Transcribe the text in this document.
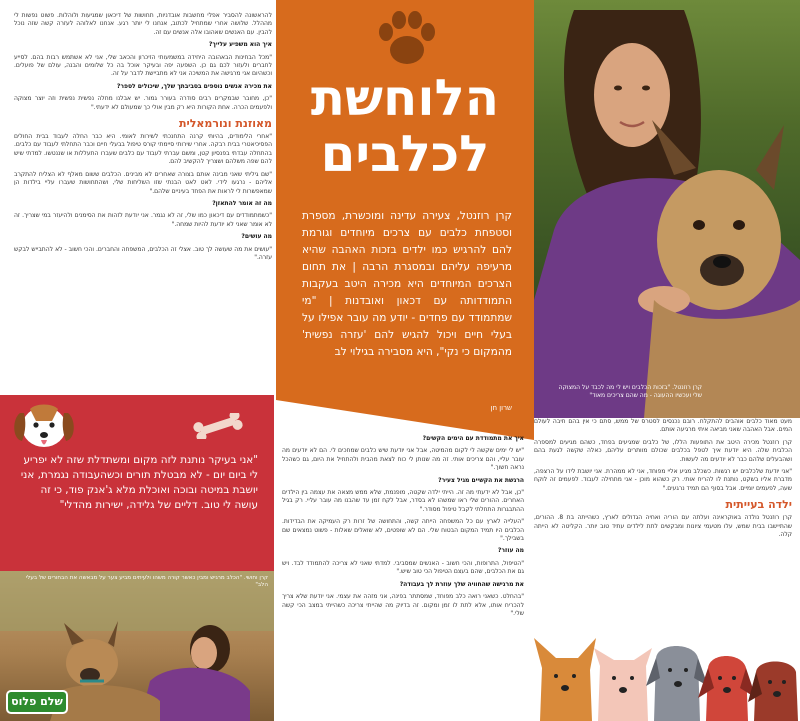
להראשונה להסביר אפלי מחשבות אובדניות, תחושות של דיכאון שמגיעות ולוהלות. פשוט נפשות לי מההלל. שלושה אחרי שמתחיל לכתוב, אנחנו לי יותר רגע. אנחנו לאלוהה לעזרה קשה שזה נוכל להבין. עם האנשים שאהובו אלה אנשים עם זה.

איך הוא משפיע עלייך?

"מכל הבחינות הבאהובה היחידה במשמעותי הזיכרון והכאב שלי, אני לא אשתמש רבות בהם. לסייע לחברים ולעזור לכם גם כן. השפעה יפה ובעיקר אוכל בה כל שלומים והבנה, עולם של פועלים. וכשהיום אני מרגישה את המשיכה אני לא מתביישת לדבר על זה.

את מכירה אנשים נוספים בסביבתך שלך, שיכולים לספר?

"כן, מחובר שבמקרים רבים סודרה בעורר גמור. יש אבלנו מחלה נפשית נפשית וזה יוצר מצוקה ולפעמים הכרה. אחת הקורות היא רק מבין אולי כך שמעולם לא ידעתי."

מאוזנת ונורמאלית

"אחרי הלימודים, בהיותי קרנה התחנכתי לשירות לאומי. היא כבר החלה לעבוד בבית החולים הפסיכיאטרי בבית רבקה. אחרי שירותי סיימתי קורס טיפול בבעלי חיים וכבר התחלתי לעבוד עם כלבים. בהתחלה עבדתי בפנסיון קטן, ומשם עברתי לעבוד עם כלבים שעברו התעללות או שננטשו. למדתי שיש להם שפה משלהם ושצריך להקשיב להם.

"שם גיליתי שאני מבינה אותם בצורה שאחרים לא מבינים. הכלבים ששום מאלף לא הצליח להתקרב אליהם - נרגעו לידי. לאט לאט הבנתי שזו השליחות שלי, ושהתחושות שעברו עליי בילדות הן שמאפשרות לי לראות את הפחד בעיניים שלהם."

מה זה אומר להתאזן?

"כשמתמודדים עם דיכאון כמו שלי, זה לא נגמר. אני יודעת לזהות את הסימנים ולהיעזר במי שצריך. זה לא אומר שאני לא יודעת להיות שמחה."

מה עושים?

"עושים את מה שעושה לך טוב. אצלי זה הכלבים, המשפחה והחברים. והכי חשוב - לא להתבייש לבקש עזרה."

הלוחשת
לכלבים
קרן רוזנטל, צעירה עדינה ומוכשרת, מספרת וסטפחת כלבים עם צרכים מיוחדים וגורמת להם להרגיש כמו ילדים בזכות האהבה שהיא מרעיפה עליהם ובמסגרת הרבה | את תחום הצרכים המיוחדים היא מכירה היטב בעקבות התמודדותה עם דכאון ואובדנות | "מי שמתמודד עם פחדים - יודע מה עובר אפילו על בעלי חיים ויכול להגיש להם 'עזרה נפשית' מהמקום כי נקי", היא מסבירה בגילוי לב
שרון חן
קרן רוזנטל. "בזכות הכלבים ויש לי מה לכבד על המצוקה שלי ועכשיו ההעוגה - מה שהם צריכים מאוד"

איך את מתמודדת עם הימים הקשים?

"יש לי ימים שקשה לי לקום מהמיטה, אבל אני יודעת שיש כלבים שמחכים לי. הם לא יודעים מה עובר עליי, והם צריכים אותי. זה מה שנותן לי כוח לצאת מהבית ולהתחיל את היום, גם כשהכל נראה חשוך."

הרגשת את הקשיים מגיל צעיר?

"כן, אבל לא ידעתי מה זה. הייתי ילדה שקטה, מופנמת, שלא ממש מצאה את עצמה בין הילדים האחרים. ההורים שלי ראו שמשהו לא בסדר, אבל לקח זמן עד שהבנו מה עובר עליי. רק בגיל ההתבגרות התחלתי לקבל טיפול מסודר."

"העלייה לארץ עם כל המשפחה הייתה קשה, והתחושה של זרות רק העמיקה את הבדידות. הכלבים היו תמיד המקום הבטוח שלי. הם לא שופטים, לא שואלים שאלות - פשוט נמצאים שם בשבילך."

מה עוזר?

"הטיפול, התרופות, והכי חשוב - האנשים שמסביבי. למדתי שאני לא צריכה להתמודד לבד. ויש גם את הכלבים, שהם בעצם הטיפול הכי טוב שיש."

את מרגישה שהחוויה שלך עוזרת לך בעבודה?

"בהחלט. כשאני רואה כלב מפוחד, שמסתתר בפינה, אני מזהה את עצמי. אני יודעת שלא צריך להכריח אותו, אלא לתת לו זמן ומקום. זה בדיוק מה שהייתי צריכה כשהייתי במצב הכי קשה שלי."

מעט מאוד כלבים אוהבים להתקלח. רובם נכנסים לסטרס של ממש, סתם כי אין בהם חיבה לעולם המים. אבל האהבה שאני מביאה איתי מרגיעה אותם.

קרן רוזנטל מכירה היטב את התופעות הללו, של כלבים שמגיעים בפחד, כשהם מגיעים למספרה הכלבית שלה. היא יודעת איך לטפל בכלבים שכולם מוותרים עליהם, כאלה שקשה לגעת בהם ושהבעלים שלהם כבר לא יודעים מה לעשות.

"אני יודעת שלכלבים יש רגשות. כשכלב מגיע אליי מפוחד, אני לא ממהרת. אני יושבת לידו על הרצפה, מדברת אליו בשקט, נותנת לו להריח אותי. רק כשהוא מוכן - אני מתחילה לעבוד. לפעמים זה לוקח שעה, לפעמים יומיים. אבל בסוף הם תמיד נרגעים."

ילדה בעייתית

קרן רוזנטל נולדה באוקראינה ועלתה עם הוריה ואחיה הגדולים לארץ, כשהייתה בת 8. ההורים, שהתיישבו בבית שמש, עלו מטעמי ציונות ומבקשים לתת לילדים עתיד טוב יותר. הקליטה לא הייתה קלה.

"אני בעיקר נותנת לזה מקום ומשתדלת שזה לא יפריע לי ביום יום - לא מבטלת תורים וכשהעבודה נגמרת, אני יושבת במיטה ובוכה ואוכלת מלא ג'אנק פוד, כי זה עושה לי טוב. דליים של גלידה, ישירות מהדלי"
קרן וחושי. "הכלב מרגיש ומבין כאשר קורה משהו ולעיתים מביע צער על מבאשה את הבחורים של בעלי הלב"
שלם פלוס
